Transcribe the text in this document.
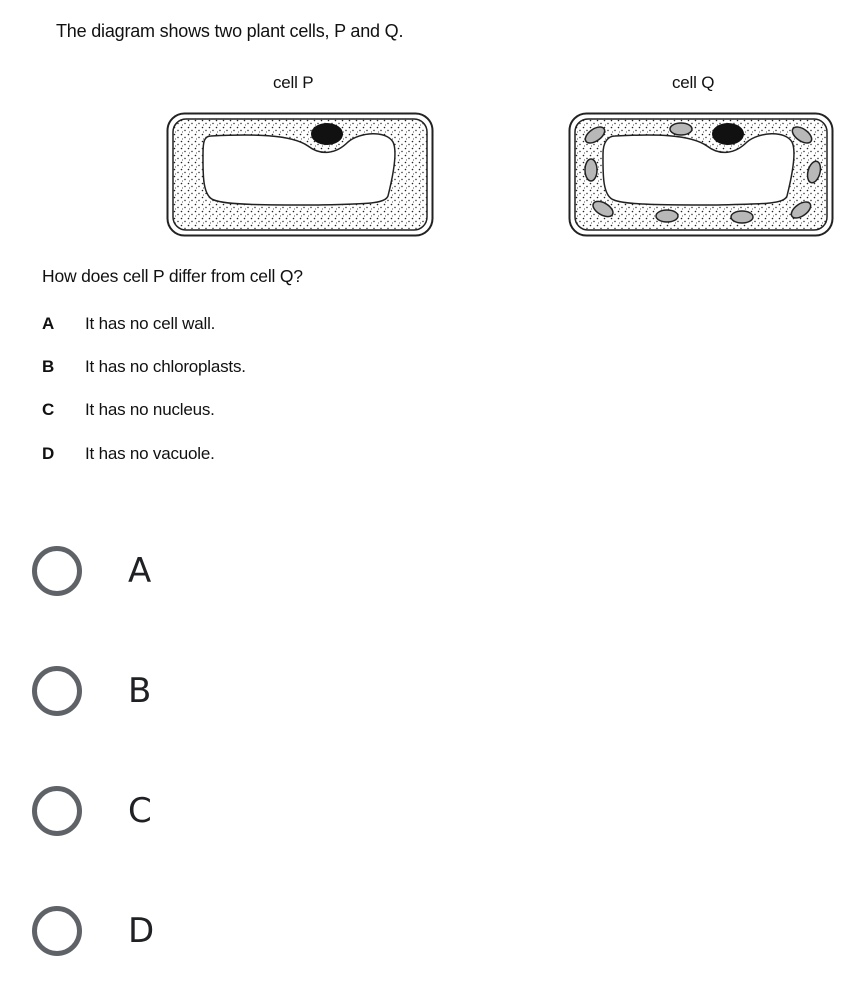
The diagram shows two plant cells, P and Q.
cell P	cell Q
How does cell P differ from cell Q?
A	It has no cell wall.
B	It has no chloroplasts.
C	It has no nucleus.
D	It has no vacuole.
A
B
C
D
